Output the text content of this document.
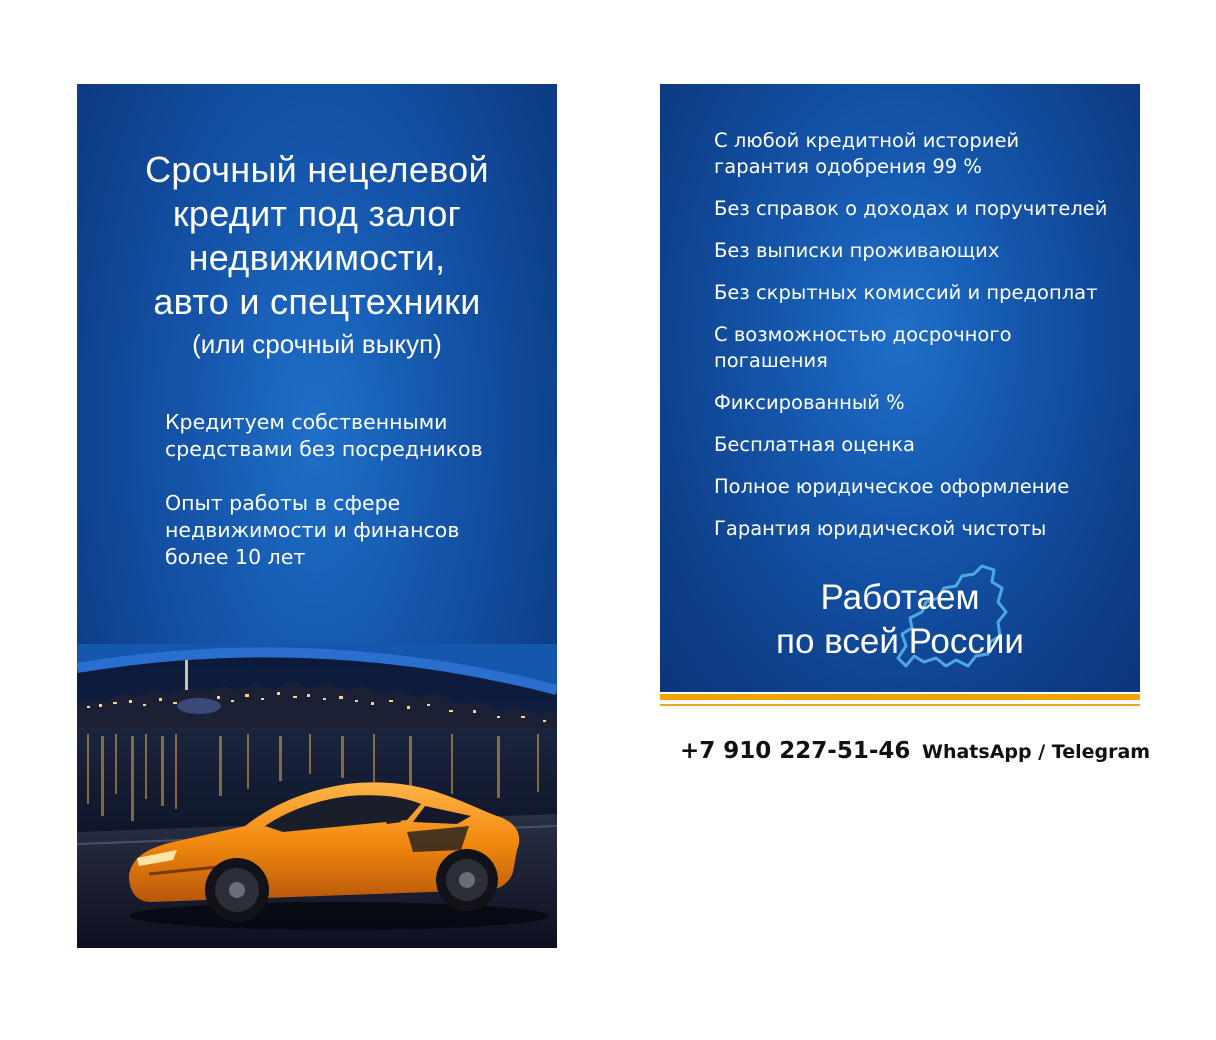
Срочный нецелевой
кредит под залог
недвижимости,
авто и спецтехники
(или срочный выкуп)
Кредитуем собственными
средствами без посредников
Опыт работы в сфере
недвижимости и финансов
более 10 лет
С любой кредитной историей
гарантия одобрения 99 %
Без справок о доходах и поручителей
Без выписки проживающих
Без скрытных комиссий и предоплат
С возможностью досрочного
погашения
Фиксированный %
Бесплатная оценка
Полное юридическое оформление
Гарантия юридической чистоты
Работаем
по всей России
+7 910 227-51-46 WhatsApp / Telegram
